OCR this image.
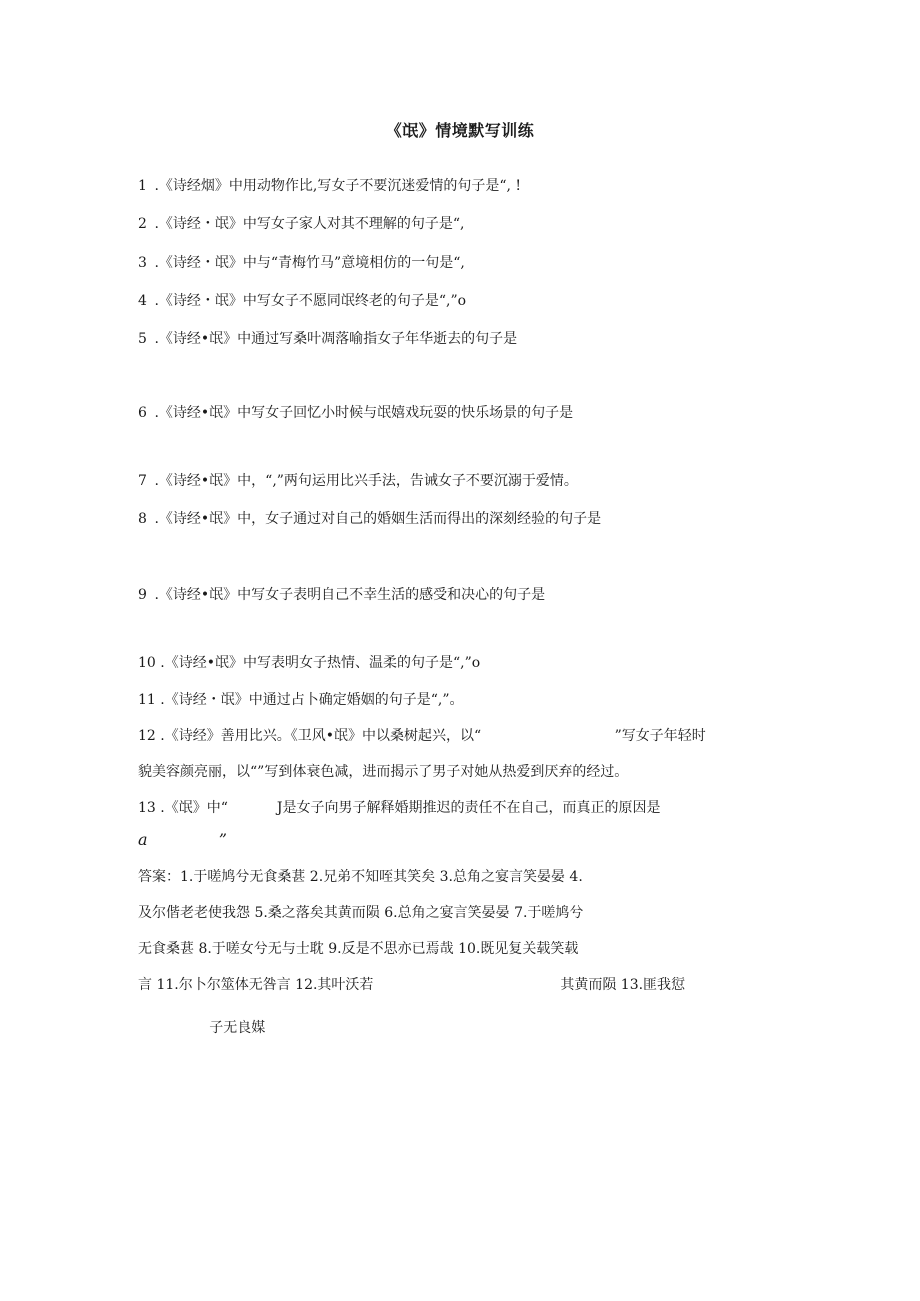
《氓》情境默写训练
1 .《诗经烟》中用动物作比,写女子不要沉迷爱情的句子是“, !
2 .《诗经・氓》中写女子家人对其不理解的句子是“,
3 .《诗经・氓》中与“青梅竹马”意境相仿的一句是“,
4 .《诗经・氓》中写女子不愿同氓终老的句子是“,”o
5 .《诗经•氓》中通过写桑叶凋落喻指女子年华逝去的句子是
6 .《诗经•氓》中写女子回忆小时候与氓嬉戏玩耍的快乐场景的句子是
7 .《诗经•氓》中，“,”两句运用比兴手法，告诫女子不要沉溺于爱情。
8 .《诗经•氓》中，女子通过对自己的婚姻生活而得出的深刻经验的句子是
9 .《诗经•氓》中写女子表明自己不幸生活的感受和决心的句子是
10 .《诗经•氓》中写表明女子热情、温柔的句子是“,”o
11 .《诗经・氓》中通过占卜确定婚姻的句子是“,”。
12 .《诗经》善用比兴。《卫风•氓》中以桑树起兴，以“                              ”写女子年轻时
貌美容颜亮丽，以“”写到体衰色减，进而揭示了男子对她从热爱到厌弃的经过。
13 .《氓》中“           J是女子向男子解释婚期推迟的责任不在自己，而真正的原因是
a              ”
答案：1.于嗟鸠兮无食桑葚 2.兄弟不知咥其笑矣 3.总角之宴言笑晏晏 4.
及尔偕老老使我怨 5.桑之落矣其黄而陨 6.总角之宴言笑晏晏 7.于嗟鸠兮
无食桑葚 8.于嗟女兮无与士耽 9.反是不思亦已焉哉 10.既见复关载笑载
言 11.尔卜尔筮体无咎言 12.其叶沃若                                          其黄而陨 13.匪我愆
子无良媒
